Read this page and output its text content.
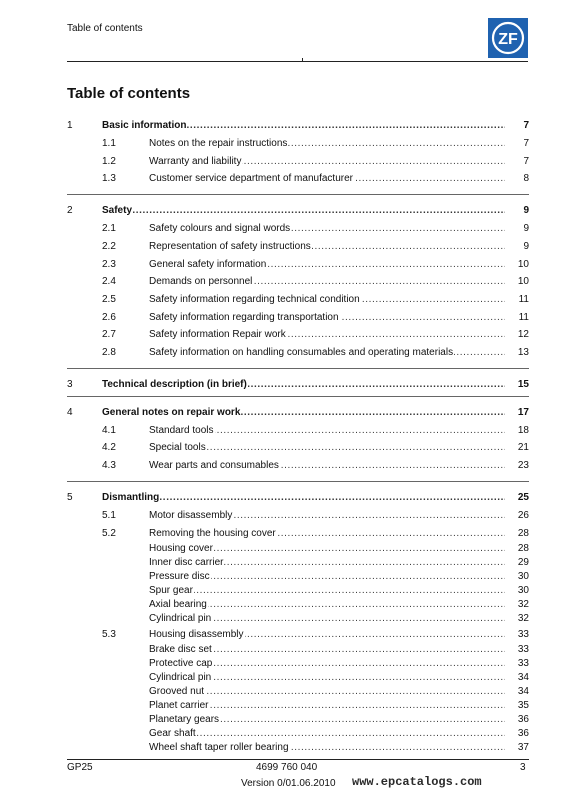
Table of contents
ZF
Table of contents
1	Basic information .....	7
1.1	Notes on the repair instructions .....	7
1.2	Warranty and liability .....	7
1.3	Customer service department of manufacturer .....	8
2	Safety .....	9
2.1	Safety colours and signal words .....	9
2.2	Representation of safety instructions .....	9
2.3	General safety information .....	10
2.4	Demands on personnel .....	10
2.5	Safety information regarding technical condition .....	11
2.6	Safety information regarding transportation .....	11
2.7	Safety information Repair work .....	12
2.8	Safety information on handling consumables and operating materials .....	13
3	Technical description (in brief) .....	15
4	General notes on repair work .....	17
4.1	Standard tools .....	18
4.2	Special tools .....	21
4.3	Wear parts and consumables .....	23
5	Dismantling .....	25
5.1	Motor disassembly .....	26
5.2	Removing the housing cover .....	28
Housing cover .....	28
Inner disc carrier .....	29
Pressure disc .....	30
Spur gear .....	30
Axial bearing .....	32
Cylindrical pin .....	32
5.3	Housing disassembly .....	33
Brake disc set .....	33
Protective cap .....	33
Cylindrical pin .....	34
Grooved nut .....	34
Planet carrier .....	35
Planetary gears .....	36
Gear shaft .....	36
Wheel shaft taper roller bearing .....	37
GP25	4699 760 040
Version 0/01.06.2010
3
www.epcatalogs.com
